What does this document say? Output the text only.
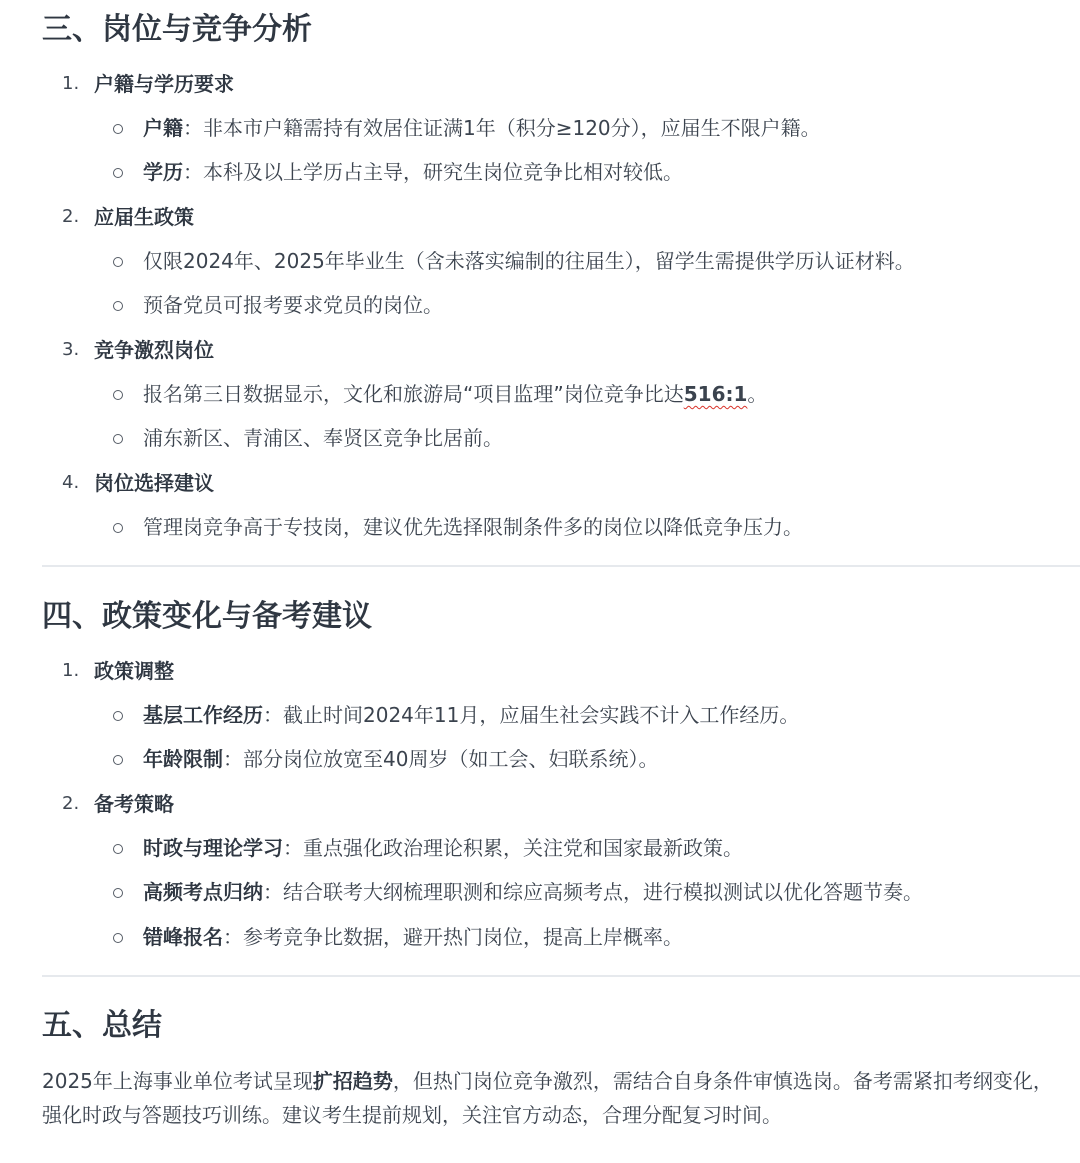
三、岗位与竞争分析
1. 户籍与学历要求
户籍：非本市户籍需持有效居住证满1年（积分≥120分），应届生不限户籍。
学历：本科及以上学历占主导，研究生岗位竞争比相对较低。
2. 应届生政策
仅限2024年、2025年毕业生（含未落实编制的往届生），留学生需提供学历认证材料。
预备党员可报考要求党员的岗位。
3. 竞争激烈岗位
报名第三日数据显示，文化和旅游局“项目监理”岗位竞争比达516:1。
浦东新区、青浦区、奉贤区竞争比居前。
4. 岗位选择建议
管理岗竞争高于专技岗，建议优先选择限制条件多的岗位以降低竞争压力。
四、政策变化与备考建议
1. 政策调整
基层工作经历：截止时间2024年11月，应届生社会实践不计入工作经历。
年龄限制：部分岗位放宽至40周岁（如工会、妇联系统）。
2. 备考策略
时政与理论学习：重点强化政治理论积累，关注党和国家最新政策。
高频考点归纳：结合联考大纲梳理职测和综应高频考点，进行模拟测试以优化答题节奏。
错峰报名：参考竞争比数据，避开热门岗位，提高上岸概率。
五、总结

2025年上海事业单位考试呈现扩招趋势，但热门岗位竞争激烈，需结合自身条件审慎选岗。备考需紧扣考纲变化，强化时政与答题技巧训练。建议考生提前规划，关注官方动态，合理分配复习时间。
